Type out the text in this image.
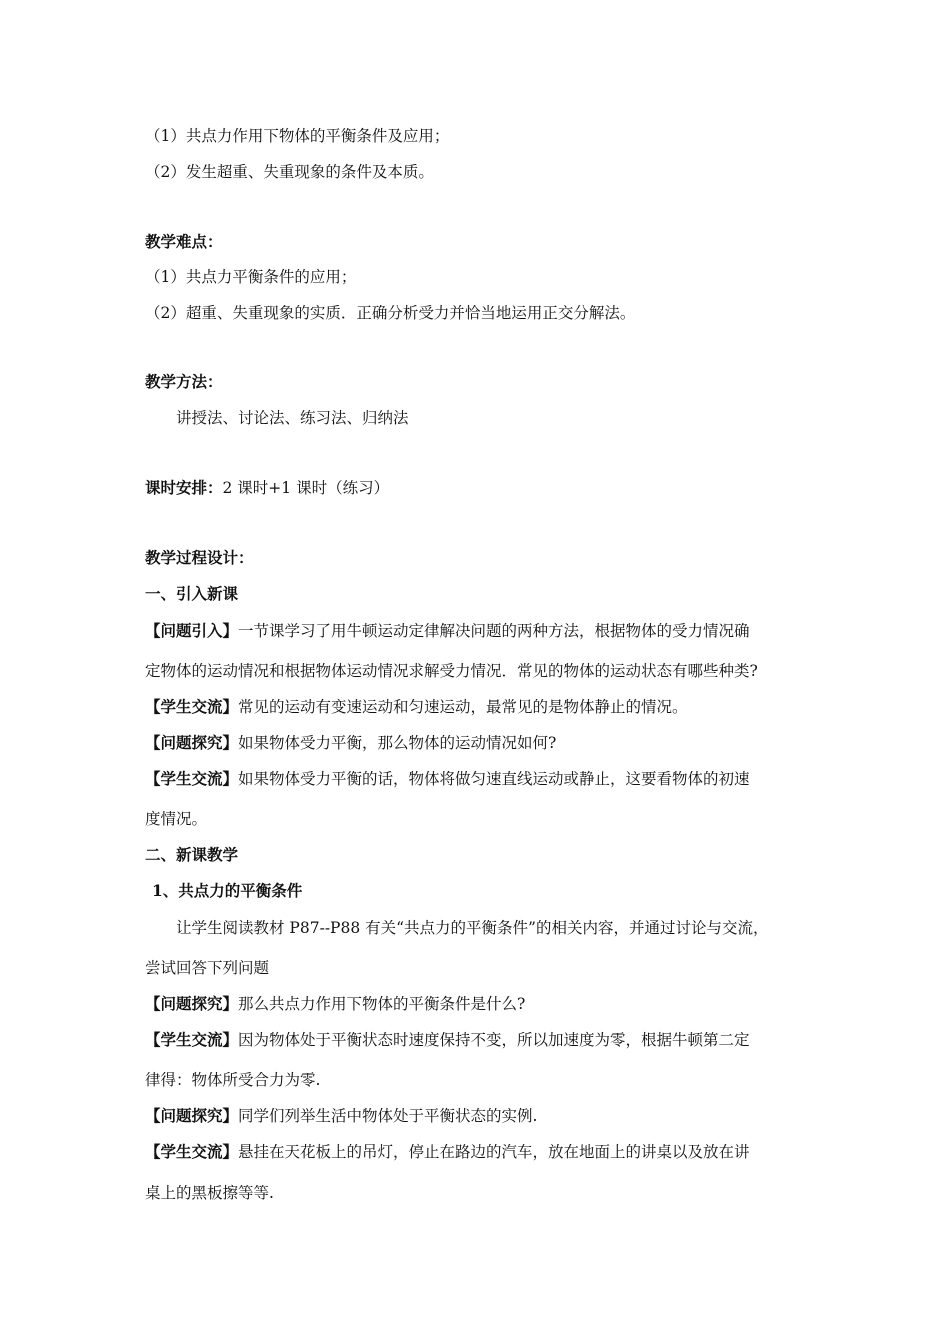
（1）共点力作用下物体的平衡条件及应用；
（2）发生超重、失重现象的条件及本质。
教学难点：
（1）共点力平衡条件的应用；
（2）超重、失重现象的实质．正确分析受力并恰当地运用正交分解法。
教学方法：
讲授法、讨论法、练习法、归纳法
课时安排：2 课时+1 课时（练习）
教学过程设计：
一、引入新课
【问题引入】一节课学习了用牛顿运动定律解决问题的两种方法，根据物体的受力情况确
定物体的运动情况和根据物体运动情况求解受力情况．常见的物体的运动状态有哪些种类?
【学生交流】常见的运动有变速运动和匀速运动，最常见的是物体静止的情况。
【问题探究】如果物体受力平衡，那么物体的运动情况如何?
【学生交流】如果物体受力平衡的话，物体将做匀速直线运动或静止，这要看物体的初速
度情况。
二、新课教学
1、共点力的平衡条件
让学生阅读教材 P87--P88 有关“共点力的平衡条件”的相关内容，并通过讨论与交流，
尝试回答下列问题
【问题探究】那么共点力作用下物体的平衡条件是什么?
【学生交流】因为物体处于平衡状态时速度保持不变，所以加速度为零，根据牛顿第二定
律得：物体所受合力为零.
【问题探究】同学们列举生活中物体处于平衡状态的实例.
【学生交流】悬挂在天花板上的吊灯，停止在路边的汽车，放在地面上的讲桌以及放在讲
桌上的黑板擦等等.
